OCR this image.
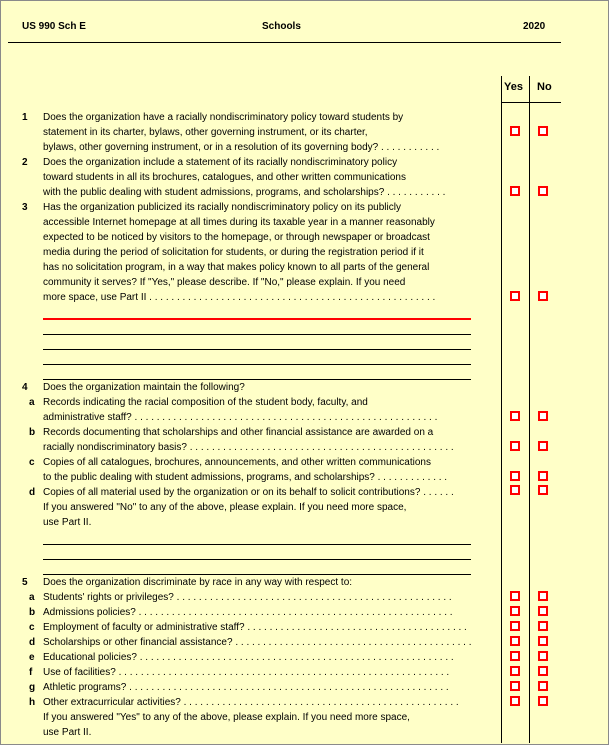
US 990 Sch E	Schools	2020
Yes No
1 Does the organization have a racially nondiscriminatory policy toward students by
statement in its charter, bylaws, other governing instrument, or its charter,
bylaws, other governing instrument, or in a resolution of its governing body? . . . . . . . . . . .
2 Does the organization include a statement of its racially nondiscriminatory policy
toward students in all its brochures, catalogues, and other written communications
with the public dealing with student admissions, programs, and scholarships? . . . . . . . . . . .
3 Has the organization publicized its racially nondiscriminatory policy on its publicly
accessible Internet homepage at all times during its taxable year in a manner reasonably
expected to be noticed by visitors to the homepage, or through newspaper or broadcast
media during the period of solicitation for students, or during the registration period if it
has no solicitation program, in a way that makes policy known to all parts of the general
community it serves? If "Yes," please describe. If "No," please explain. If you need
more space, use Part II . . . . . . . . . . . . . . . . . . . . . . . . . . . . . . . . . . . . . . . . . . . . . . . . . . . .
4 Does the organization maintain the following?
a Records indicating the racial composition of the student body, faculty, and
administrative staff? . . . . . . . . . . . . . . . . . . . . . . . . . . . . . . . . . . . . . . . . . . . . . . . . . . . . . . .
b Records documenting that scholarships and other financial assistance are awarded on a
racially nondiscriminatory basis? . . . . . . . . . . . . . . . . . . . . . . . . . . . . . . . . . . . . . . . . . . . . . . . .
c Copies of all catalogues, brochures, announcements, and other written communications
to the public dealing with student admissions, programs, and scholarships? . . . . . . . . . . . . .
d Copies of all material used by the organization or on its behalf to solicit contributions? . . . . . .
If you answered "No" to any of the above, please explain. If you need more space,
use Part II.
5 Does the organization discriminate by race in any way with respect to:
a Students' rights or privileges? . . . . . . . . . . . . . . . . . . . . . . . . . . . . . . . . . . . . . . . . . . . . . . . . . .
b Admissions policies? . . . . . . . . . . . . . . . . . . . . . . . . . . . . . . . . . . . . . . . . . . . . . . . . . . . . . . . . .
c Employment of faculty or administrative staff? . . . . . . . . . . . . . . . . . . . . . . . . . . . . . . . . . . . . . . . .
d Scholarships or other financial assistance? . . . . . . . . . . . . . . . . . . . . . . . . . . . . . . . . . . . . . . . . . . .
e Educational policies? . . . . . . . . . . . . . . . . . . . . . . . . . . . . . . . . . . . . . . . . . . . . . . . . . . . . . . . . .
f Use of facilities? . . . . . . . . . . . . . . . . . . . . . . . . . . . . . . . . . . . . . . . . . . . . . . . . . . . . . . . . . . . .
g Athletic programs? . . . . . . . . . . . . . . . . . . . . . . . . . . . . . . . . . . . . . . . . . . . . . . . . . . . . . . . . . .
h Other extracurricular activities? . . . . . . . . . . . . . . . . . . . . . . . . . . . . . . . . . . . . . . . . . . . . . . . . . .
If you answered "Yes" to any of the above, please explain. If you need more space,
use Part II.
